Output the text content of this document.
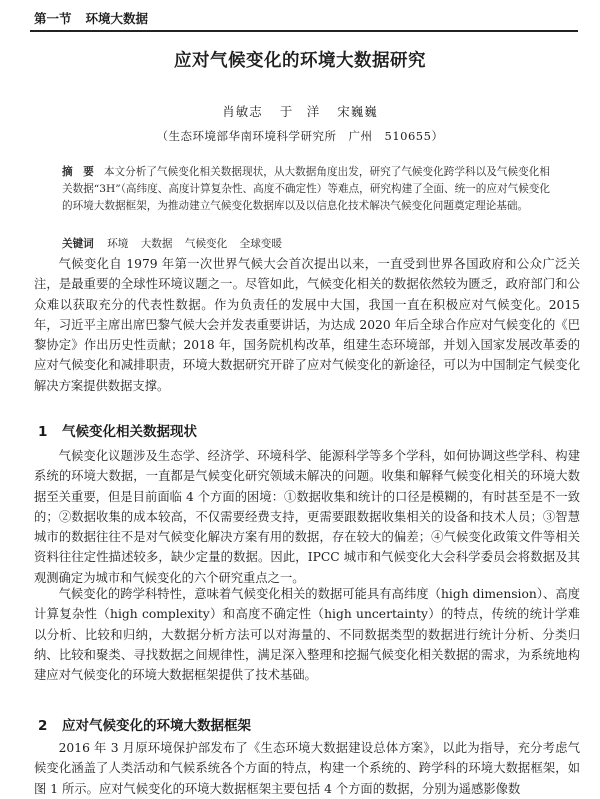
第一节 环境大数据
应对气候变化的环境大数据研究
肖敏志 于　洋 宋巍巍
（生态环境部华南环境科学研究所　广州　510655）
摘　要 本文分析了气候变化相关数据现状，从大数据角度出发，研究了气候变化跨学科以及气候变化相关数据“3H”（高纬度、高度计算复杂性、高度不确定性）等难点，研究构建了全面、统一的应对气候变化的环境大数据框架，为推动建立气候变化数据库以及以信息化技术解决气候变化问题奠定理论基础。
关键词 环境 大数据 气候变化 全球变暖
气候变化自 1979 年第一次世界气候大会首次提出以来，一直受到世界各国政府和公众广泛关注，是最重要的全球性环境议题之一。尽管如此，气候变化相关的数据依然较为匮乏，政府部门和公众难以获取充分的代表性数据。作为负责任的发展中大国，我国一直在积极应对气候变化。2015 年，习近平主席出席巴黎气候大会并发表重要讲话，为达成 2020 年后全球合作应对气候变化的《巴黎协定》作出历史性贡献；2018 年，国务院机构改革，组建生态环境部，并划入国家发展改革委的应对气候变化和减排职责，环境大数据研究开辟了应对气候变化的新途径，可以为中国制定气候变化解决方案提供数据支撑。
1 气候变化相关数据现状
气候变化议题涉及生态学、经济学、环境科学、能源科学等多个学科，如何协调这些学科、构建系统的环境大数据，一直都是气候变化研究领域未解决的问题。收集和解释气候变化相关的环境大数据至关重要，但是目前面临 4 个方面的困境：①数据收集和统计的口径是模糊的，有时甚至是不一致的；②数据收集的成本较高，不仅需要经费支持，更需要跟数据收集相关的设备和技术人员；③智慧城市的数据往往不是对气候变化解决方案有用的数据，存在较大的偏差；④气候变化政策文件等相关资料往往定性描述较多，缺少定量的数据。因此，IPCC 城市和气候变化大会科学委员会将数据及其观测确定为城市和气候变化的六个研究重点之一。
气候变化的跨学科特性，意味着气候变化相关的数据可能具有高纬度（high dimension）、高度计算复杂性（high complexity）和高度不确定性（high uncertainty）的特点，传统的统计学难以分析、比较和归纳，大数据分析方法可以对海量的、不同数据类型的数据进行统计分析、分类归纳、比较和聚类、寻找数据之间规律性，满足深入整理和挖掘气候变化相关数据的需求，为系统地构建应对气候变化的环境大数据框架提供了技术基础。
2 应对气候变化的环境大数据框架
2016 年 3 月原环境保护部发布了《生态环境大数据建设总体方案》，以此为指导，充分考虑气候变化涵盖了人类活动和气候系统各个方面的特点，构建一个系统的、跨学科的环境大数据框架，如图 1 所示。应对气候变化的环境大数据框架主要包括 4 个方面的数据，分别为遥感影像数
